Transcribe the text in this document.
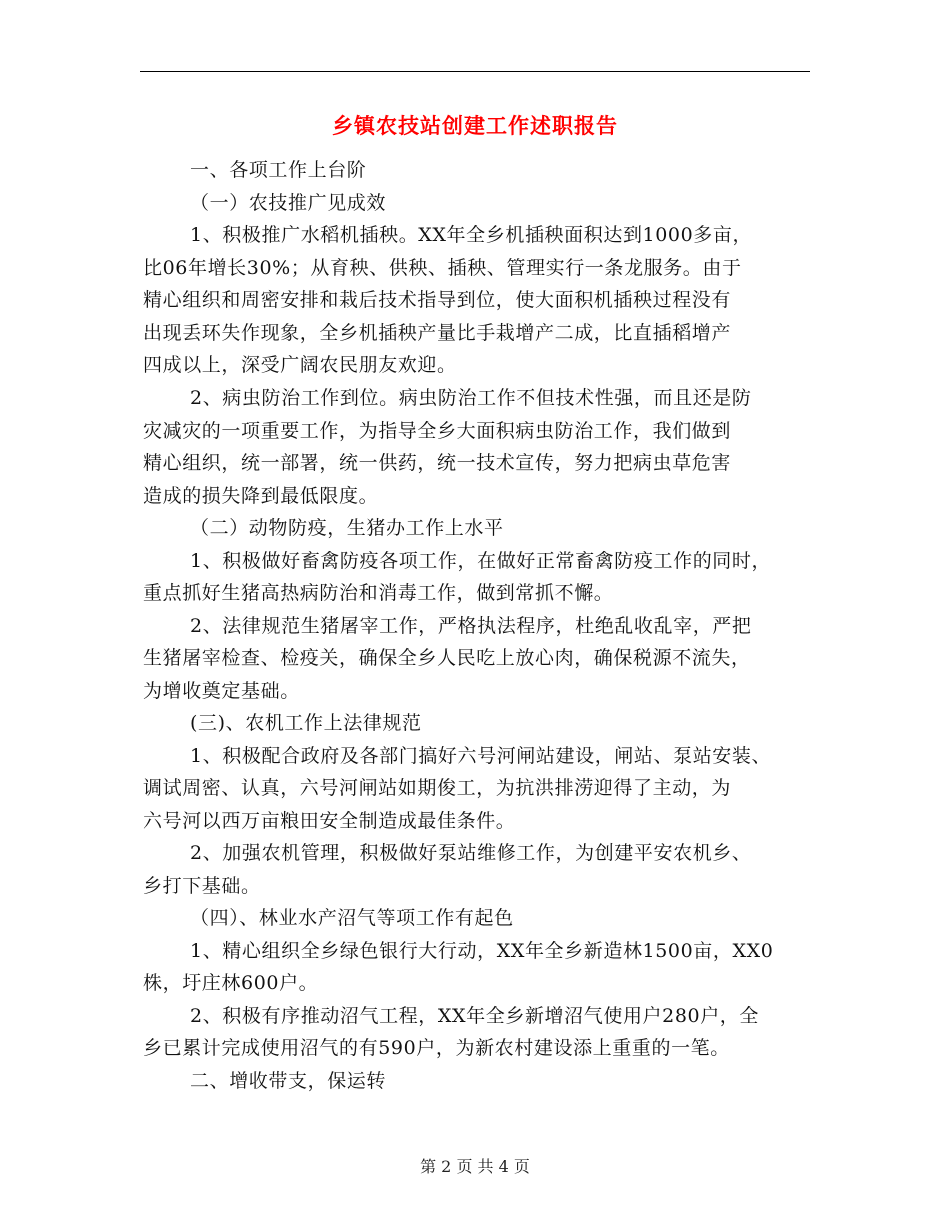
乡镇农技站创建工作述职报告
一、各项工作上台阶
（一）农技推广见成效
1、积极推广水稻机插秧。XX年全乡机插秧面积达到1000多亩，
比06年增长30%；从育秧、供秧、插秧、管理实行一条龙服务。由于
精心组织和周密安排和栽后技术指导到位，使大面积机插秧过程没有
出现丢环失作现象，全乡机插秧产量比手栽增产二成，比直插稻增产
四成以上，深受广阔农民朋友欢迎。
2、病虫防治工作到位。病虫防治工作不但技术性强，而且还是防
灾减灾的一项重要工作，为指导全乡大面积病虫防治工作，我们做到
精心组织，统一部署，统一供药，统一技术宣传，努力把病虫草危害
造成的损失降到最低限度。
（二）动物防疫，生猪办工作上水平
1、积极做好畜禽防疫各项工作，在做好正常畜禽防疫工作的同时，
重点抓好生猪高热病防治和消毒工作，做到常抓不懈。
2、法律规范生猪屠宰工作，严格执法程序，杜绝乱收乱宰，严把
生猪屠宰检查、检疫关，确保全乡人民吃上放心肉，确保税源不流失，
为增收奠定基础。
(三)、农机工作上法律规范
1、积极配合政府及各部门搞好六号河闸站建设，闸站、泵站安装、
调试周密、认真，六号河闸站如期俊工，为抗洪排涝迎得了主动，为
六号河以西万亩粮田安全制造成最佳条件。
2、加强农机管理，积极做好泵站维修工作，为创建平安农机乡、
乡打下基础。
（四）、林业水产沼气等项工作有起色
1、精心组织全乡绿色银行大行动，XX年全乡新造林1500亩，XX0
株，圩庄林600户。
2、积极有序推动沼气工程，XX年全乡新增沼气使用户280户，全
乡已累计完成使用沼气的有590户，为新农村建设添上重重的一笔。
二、增收带支，保运转
第 2 页 共 4 页
